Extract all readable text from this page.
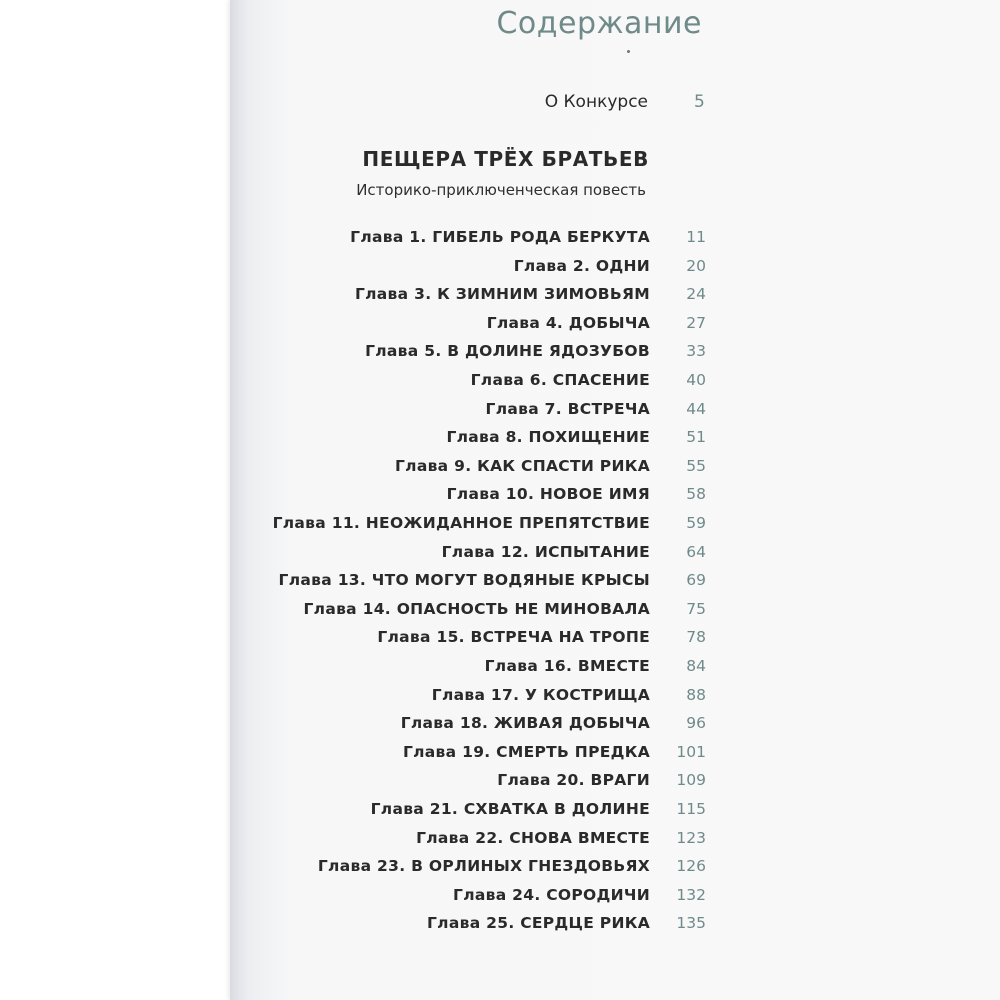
Содержание
О Конкурсе	5
ПЕЩЕРА ТРЁХ БРАТЬЕВ
Историко-приключенческая повесть
Глава 1. ГИБЕЛЬ РОДА БЕРКУТА 11
Глава 2. ОДНИ 20
Глава 3. К ЗИМНИМ ЗИМОВЬЯМ 24
Глава 4. ДОБЫЧА 27
Глава 5. В ДОЛИНЕ ЯДОЗУБОВ 33
Глава 6. СПАСЕНИЕ 40
Глава 7. ВСТРЕЧА 44
Глава 8. ПОХИЩЕНИЕ 51
Глава 9. КАК СПАСТИ РИКА 55
Глава 10. НОВОЕ ИМЯ 58
Глава 11. НЕОЖИДАННОЕ ПРЕПЯТСТВИЕ 59
Глава 12. ИСПЫТАНИЕ 64
Глава 13. ЧТО МОГУТ ВОДЯНЫЕ КРЫСЫ 69
Глава 14. ОПАСНОСТЬ НЕ МИНОВАЛА 75
Глава 15. ВСТРЕЧА НА ТРОПЕ 78
Глава 16. ВМЕСТЕ 84
Глава 17. У КОСТРИЩА 88
Глава 18. ЖИВАЯ ДОБЫЧА 96
Глава 19. СМЕРТЬ ПРЕДКА 101
Глава 20. ВРАГИ 109
Глава 21. СХВАТКА В ДОЛИНЕ 115
Глава 22. СНОВА ВМЕСТЕ 123
Глава 23. В ОРЛИНЫХ ГНЕЗДОВЬЯХ 126
Глава 24. СОРОДИЧИ 132
Глава 25. СЕРДЦЕ РИКА 135
